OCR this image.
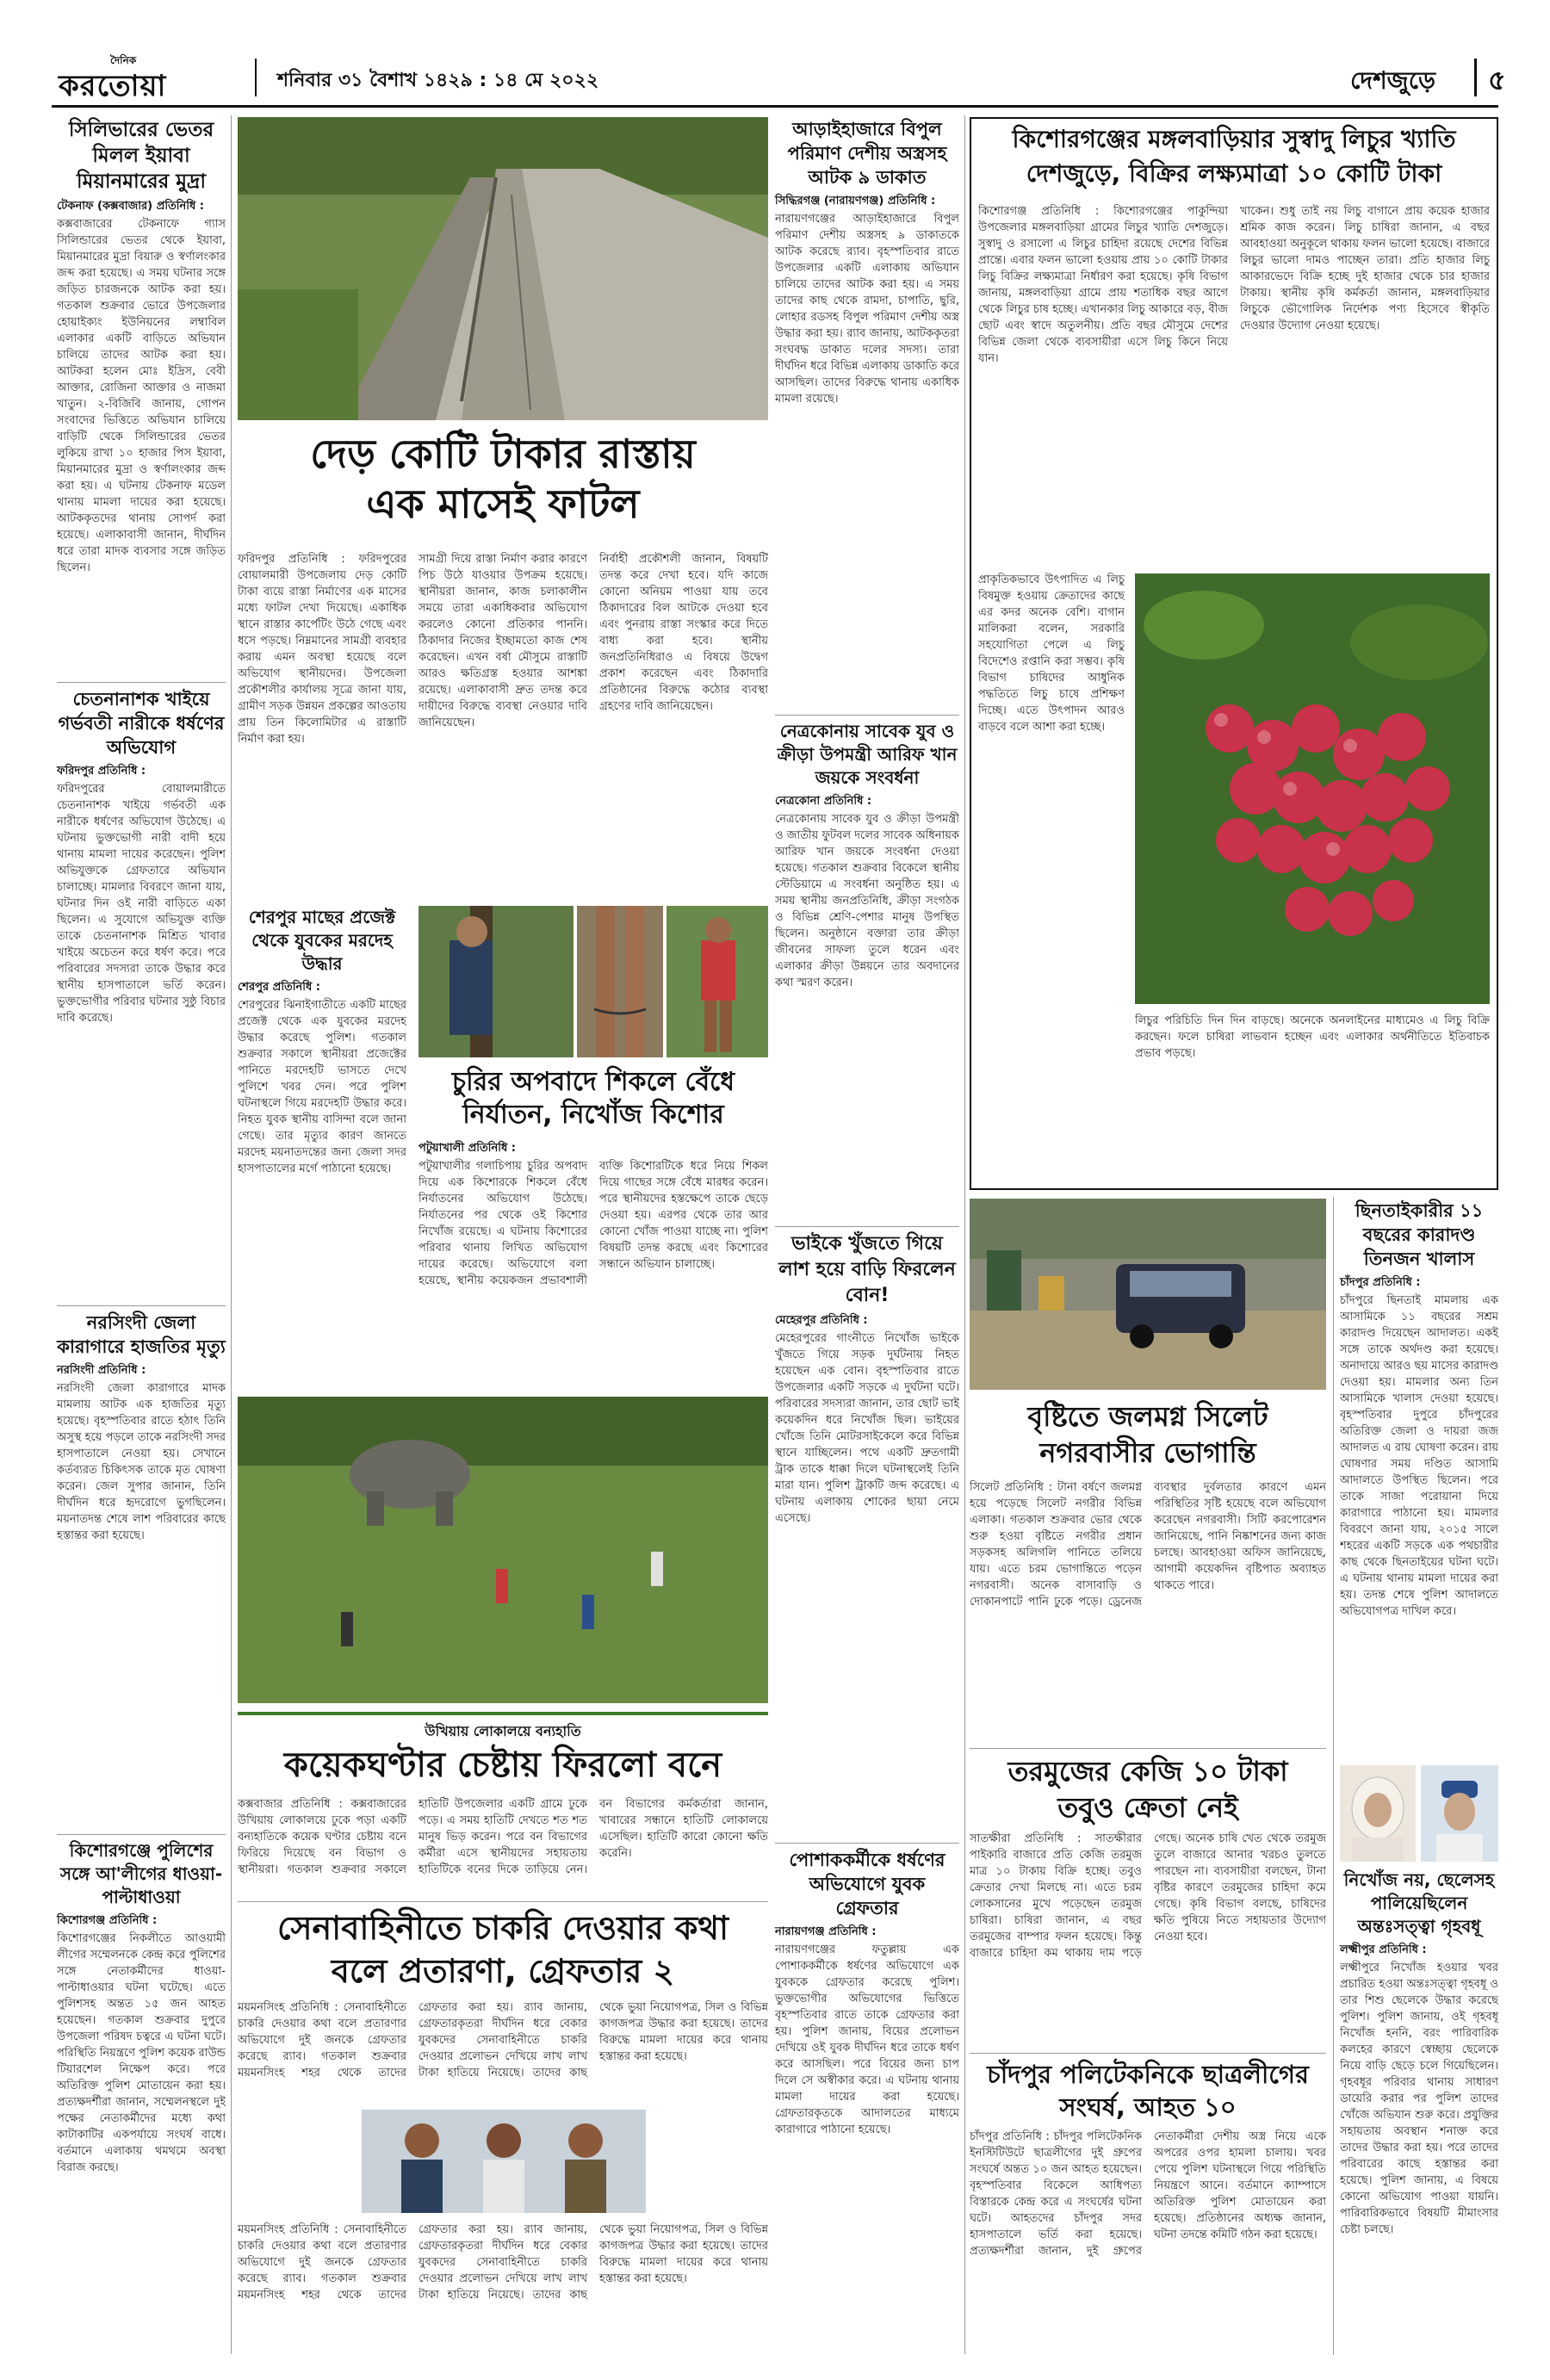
দৈনিক
করতোয়া	শনিবার ৩১ বৈশাখ ১৪২৯ : ১৪ মে ২০২২	দেশজুড়ে ৫
সিলিভারের ভেতর মিলল ইয়াবা মিয়ানমারের মুদ্রা
টেকনাফ (কক্সবাজার) প্রতিনিধি :
কক্সবাজারের টেকনাফে গ্যাস সিলিন্ডারের ভেতর থেকে ইয়াবা, মিয়ানমারের মুদ্রা বিয়ারু ও স্বর্ণালংকার জব্দ করা হয়েছে। এ সময় ঘটনার সঙ্গে জড়িত চারজনকে আটক করা হয়। গতকাল শুক্রবার ভোরে উপজেলার হোয়াইক্যং ইউনিয়নের লম্বাবিল এলাকার একটি বাড়িতে অভিযান চালিয়ে তাদের আটক করা হয়। আটকরা হলেন মোঃ ইদ্রিস, বেবী আক্তার, রোজিনা আক্তার ও নাজমা খাতুন। ২-বিজিবি জানায়, গোপন সংবাদের ভিত্তিতে অভিযান চালিয়ে বাড়িটি থেকে সিলিন্ডারের ভেতর লুকিয়ে রাখা ১০ হাজার পিস ইয়াবা, মিয়ানমারের মুদ্রা ও স্বর্ণালংকার জব্দ করা হয়। এ ঘটনায় টেকনাফ মডেল থানায় মামলা দায়ের করা হয়েছে। আটককৃতদের থানায় সোপর্দ করা হয়েছে। এলাকাবাসী জানান, দীর্ঘদিন ধরে তারা মাদক ব্যবসার সঙ্গে জড়িত ছিলেন।
চেতনানাশক খাইয়ে গর্ভবতী নারীকে ধর্ষণের অভিযোগ
ফরিদপুর প্রতিনিধি :
ফরিদপুরের বোয়ালমারীতে চেতনানাশক খাইয়ে গর্ভবতী এক নারীকে ধর্ষণের অভিযোগ উঠেছে। এ ঘটনায় ভুক্তভোগী নারী বাদী হয়ে থানায় মামলা দায়ের করেছেন। পুলিশ অভিযুক্তকে গ্রেফতারে অভিযান চালাচ্ছে। মামলার বিবরণে জানা যায়, ঘটনার দিন ওই নারী বাড়িতে একা ছিলেন। এ সুযোগে অভিযুক্ত ব্যক্তি তাকে চেতনানাশক মিশ্রিত খাবার খাইয়ে অচেতন করে ধর্ষণ করে। পরে পরিবারের সদস্যরা তাকে উদ্ধার করে স্থানীয় হাসপাতালে ভর্তি করেন। ভুক্তভোগীর পরিবার ঘটনার সুষ্ঠু বিচার দাবি করেছে।
নরসিংদী জেলা কারাগারে হাজতির মৃত্যু
নরসিংদী প্রতিনিধি :
নরসিংদী জেলা কারাগারে মাদক মামলায় আটক এক হাজতির মৃত্যু হয়েছে। বৃহস্পতিবার রাতে হঠাৎ তিনি অসুস্থ হয়ে পড়লে তাকে নরসিংদী সদর হাসপাতালে নেওয়া হয়। সেখানে কর্তব্যরত চিকিৎসক তাকে মৃত ঘোষণা করেন। জেল সুপার জানান, তিনি দীর্ঘদিন ধরে হৃদরোগে ভুগছিলেন। ময়নাতদন্ত শেষে লাশ পরিবারের কাছে হস্তান্তর করা হয়েছে।
কিশোরগঞ্জে পুলিশের সঙ্গে আ'লীগের ধাওয়া-পাল্টাধাওয়া
কিশোরগঞ্জ প্রতিনিধি :
কিশোরগঞ্জের নিকলীতে আওয়ামী লীগের সম্মেলনকে কেন্দ্র করে পুলিশের সঙ্গে নেতাকর্মীদের ধাওয়া-পাল্টাধাওয়ার ঘটনা ঘটেছে। এতে পুলিশসহ অন্তত ১৫ জন আহত হয়েছেন। গতকাল শুক্রবার দুপুরে উপজেলা পরিষদ চত্বরে এ ঘটনা ঘটে। পরিস্থিতি নিয়ন্ত্রণে পুলিশ কয়েক রাউন্ড টিয়ারশেল নিক্ষেপ করে। পরে অতিরিক্ত পুলিশ মোতায়েন করা হয়। প্রত্যক্ষদর্শীরা জানান, সম্মেলনস্থলে দুই পক্ষের নেতাকর্মীদের মধ্যে কথা কাটাকাটির একপর্যায়ে সংঘর্ষ বাধে। বর্তমানে এলাকায় থমথমে অবস্থা বিরাজ করছে।
দেড় কোটি টাকার রাস্তায়
এক মাসেই ফাটল
ফরিদপুর প্রতিনিধি : ফরিদপুরের বোয়ালমারী উপজেলায় দেড় কোটি টাকা ব্যয়ে রাস্তা নির্মাণের এক মাসের মধ্যে ফাটল দেখা দিয়েছে। একাধিক স্থানে রাস্তার কার্পেটিং উঠে গেছে এবং ধসে পড়ছে। নিম্নমানের সামগ্রী ব্যবহার করায় এমন অবস্থা হয়েছে বলে অভিযোগ স্থানীয়দের। উপজেলা প্রকৌশলীর কার্যালয় সূত্রে জানা যায়, গ্রামীণ সড়ক উন্নয়ন প্রকল্পের আওতায় প্রায় তিন কিলোমিটার এ রাস্তাটি নির্মাণ করা হয়।
সামগ্রী দিয়ে রাস্তা নির্মাণ করার কারণে পিচ উঠে যাওয়ার উপক্রম হয়েছে। স্থানীয়রা জানান, কাজ চলাকালীন সময়ে তারা একাধিকবার অভিযোগ করলেও কোনো প্রতিকার পাননি। ঠিকাদার নিজের ইচ্ছামতো কাজ শেষ করেছেন। এখন বর্ষা মৌসুমে রাস্তাটি আরও ক্ষতিগ্রস্ত হওয়ার আশঙ্কা রয়েছে। এলাকাবাসী দ্রুত তদন্ত করে দায়ীদের বিরুদ্ধে ব্যবস্থা নেওয়ার দাবি জানিয়েছেন।
নির্বাহী প্রকৌশলী জানান, বিষয়টি তদন্ত করে দেখা হবে। যদি কাজে কোনো অনিয়ম পাওয়া যায় তবে ঠিকাদারের বিল আটকে দেওয়া হবে এবং পুনরায় রাস্তা সংস্কার করে দিতে বাধ্য করা হবে। স্থানীয় জনপ্রতিনিধিরাও এ বিষয়ে উদ্বেগ প্রকাশ করেছেন এবং ঠিকাদারি প্রতিষ্ঠানের বিরুদ্ধে কঠোর ব্যবস্থা গ্রহণের দাবি জানিয়েছেন।
শেরপুর মাছের প্রজেক্ট থেকে যুবকের মরদেহ উদ্ধার
শেরপুর প্রতিনিধি :
শেরপুরের ঝিনাইগাতীতে একটি মাছের প্রজেক্ট থেকে এক যুবকের মরদেহ উদ্ধার করেছে পুলিশ। গতকাল শুক্রবার সকালে স্থানীয়রা প্রজেক্টের পানিতে মরদেহটি ভাসতে দেখে পুলিশে খবর দেন। পরে পুলিশ ঘটনাস্থলে গিয়ে মরদেহটি উদ্ধার করে। নিহত যুবক স্থানীয় বাসিন্দা বলে জানা গেছে। তার মৃত্যুর কারণ জানতে মরদেহ ময়নাতদন্তের জন্য জেলা সদর হাসপাতালের মর্গে পাঠানো হয়েছে।
চুরির অপবাদে শিকলে বেঁধে
নির্যাতন, নিখোঁজ কিশোর
পটুয়াখালী প্রতিনিধি :
পটুয়াখালীর গলাচিপায় চুরির অপবাদ দিয়ে এক কিশোরকে শিকলে বেঁধে নির্যাতনের অভিযোগ উঠেছে। নির্যাতনের পর থেকে ওই কিশোর নিখোঁজ রয়েছে। এ ঘটনায় কিশোরের পরিবার থানায় লিখিত অভিযোগ দায়ের করেছে। অভিযোগে বলা হয়েছে, স্থানীয় কয়েকজন প্রভাবশালী ব্যক্তি কিশোরটিকে ধরে নিয়ে শিকল দিয়ে গাছের সঙ্গে বেঁধে মারধর করেন। পরে স্থানীয়দের হস্তক্ষেপে তাকে ছেড়ে দেওয়া হয়। এরপর থেকে তার আর কোনো খোঁজ পাওয়া যাচ্ছে না। পুলিশ বিষয়টি তদন্ত করছে এবং কিশোরের সন্ধানে অভিযান চালাচ্ছে।
উখিয়ায় লোকালয়ে বন্যহাতি
কয়েকঘণ্টার চেষ্টায় ফিরলো বনে
কক্সবাজার প্রতিনিধি : কক্সবাজারের উখিয়ায় লোকালয়ে ঢুকে পড়া একটি বন্যহাতিকে কয়েক ঘণ্টার চেষ্টায় বনে ফিরিয়ে দিয়েছে বন বিভাগ ও স্থানীয়রা। গতকাল শুক্রবার সকালে হাতিটি উপজেলার একটি গ্রামে ঢুকে পড়ে। এ সময় হাতিটি দেখতে শত শত মানুষ ভিড় করেন। পরে বন বিভাগের কর্মীরা এসে স্থানীয়দের সহায়তায় হাতিটিকে বনের দিকে তাড়িয়ে নেন। বন বিভাগের কর্মকর্তারা জানান, খাবারের সন্ধানে হাতিটি লোকালয়ে এসেছিল। হাতিটি কারো কোনো ক্ষতি করেনি।
সেনাবাহিনীতে চাকরি দেওয়ার কথা
বলে প্রতারণা, গ্রেফতার ২
ময়মনসিংহ প্রতিনিধি : সেনাবাহিনীতে চাকরি দেওয়ার কথা বলে প্রতারণার অভিযোগে দুই জনকে গ্রেফতার করেছে র‍্যাব। গতকাল শুক্রবার ময়মনসিংহ শহর থেকে তাদের গ্রেফতার করা হয়। র‍্যাব জানায়, গ্রেফতারকৃতরা দীর্ঘদিন ধরে বেকার যুবকদের সেনাবাহিনীতে চাকরি দেওয়ার প্রলোভন দেখিয়ে লাখ লাখ টাকা হাতিয়ে নিয়েছে। তাদের কাছ থেকে ভুয়া নিয়োগপত্র, সিল ও বিভিন্ন কাগজপত্র উদ্ধার করা হয়েছে। তাদের বিরুদ্ধে মামলা দায়ের করে থানায় হস্তান্তর করা হয়েছে।
ময়মনসিংহ প্রতিনিধি : সেনাবাহিনীতে চাকরি দেওয়ার কথা বলে প্রতারণার অভিযোগে দুই জনকে গ্রেফতার করেছে র‍্যাব। গতকাল শুক্রবার ময়মনসিংহ শহর থেকে তাদের গ্রেফতার করা হয়। র‍্যাব জানায়, গ্রেফতারকৃতরা দীর্ঘদিন ধরে বেকার যুবকদের সেনাবাহিনীতে চাকরি দেওয়ার প্রলোভন দেখিয়ে লাখ লাখ টাকা হাতিয়ে নিয়েছে। তাদের কাছ থেকে ভুয়া নিয়োগপত্র, সিল ও বিভিন্ন কাগজপত্র উদ্ধার করা হয়েছে। তাদের বিরুদ্ধে মামলা দায়ের করে থানায় হস্তান্তর করা হয়েছে।
আড়াইহাজারে বিপুল পরিমাণ দেশীয় অস্ত্রসহ আটক ৯ ডাকাত
সিদ্ধিরগঞ্জ (নারায়ণগঞ্জ) প্রতিনিধি :
নারায়ণগঞ্জের আড়াইহাজারে বিপুল পরিমাণ দেশীয় অস্ত্রসহ ৯ ডাকাতকে আটক করেছে র‍্যাব। বৃহস্পতিবার রাতে উপজেলার একটি এলাকায় অভিযান চালিয়ে তাদের আটক করা হয়। এ সময় তাদের কাছ থেকে রামদা, চাপাতি, ছুরি, লোহার রডসহ বিপুল পরিমাণ দেশীয় অস্ত্র উদ্ধার করা হয়। র‍্যাব জানায়, আটককৃতরা সংঘবদ্ধ ডাকাত দলের সদস্য। তারা দীর্ঘদিন ধরে বিভিন্ন এলাকায় ডাকাতি করে আসছিল। তাদের বিরুদ্ধে থানায় একাধিক মামলা রয়েছে।
নেত্রকোনায় সাবেক যুব ও ক্রীড়া উপমন্ত্রী আরিফ খান জয়কে সংবর্ধনা
নেত্রকোনা প্রতিনিধি :
নেত্রকোনায় সাবেক যুব ও ক্রীড়া উপমন্ত্রী ও জাতীয় ফুটবল দলের সাবেক অধিনায়ক আরিফ খান জয়কে সংবর্ধনা দেওয়া হয়েছে। গতকাল শুক্রবার বিকেলে স্থানীয় স্টেডিয়ামে এ সংবর্ধনা অনুষ্ঠিত হয়। এ সময় স্থানীয় জনপ্রতিনিধি, ক্রীড়া সংগঠক ও বিভিন্ন শ্রেণি-পেশার মানুষ উপস্থিত ছিলেন। অনুষ্ঠানে বক্তারা তার ক্রীড়া জীবনের সাফল্য তুলে ধরেন এবং এলাকার ক্রীড়া উন্নয়নে তার অবদানের কথা স্মরণ করেন।
ভাইকে খুঁজতে গিয়ে লাশ হয়ে বাড়ি ফিরলেন বোন!
মেহেরপুর প্রতিনিধি :
মেহেরপুরের গাংনীতে নিখোঁজ ভাইকে খুঁজতে গিয়ে সড়ক দুর্ঘটনায় নিহত হয়েছেন এক বোন। বৃহস্পতিবার রাতে উপজেলার একটি সড়কে এ দুর্ঘটনা ঘটে। পরিবারের সদস্যরা জানান, তার ছোট ভাই কয়েকদিন ধরে নিখোঁজ ছিল। ভাইয়ের খোঁজে তিনি মোটরসাইকেলে করে বিভিন্ন স্থানে যাচ্ছিলেন। পথে একটি দ্রুতগামী ট্রাক তাকে ধাক্কা দিলে ঘটনাস্থলেই তিনি মারা যান। পুলিশ ট্রাকটি জব্দ করেছে। এ ঘটনায় এলাকায় শোকের ছায়া নেমে এসেছে।
পোশাককর্মীকে ধর্ষণের অভিযোগে যুবক গ্রেফতার
নারায়ণগঞ্জ প্রতিনিধি :
নারায়ণগঞ্জের ফতুল্লায় এক পোশাককর্মীকে ধর্ষণের অভিযোগে এক যুবককে গ্রেফতার করেছে পুলিশ। ভুক্তভোগীর অভিযোগের ভিত্তিতে বৃহস্পতিবার রাতে তাকে গ্রেফতার করা হয়। পুলিশ জানায়, বিয়ের প্রলোভন দেখিয়ে ওই যুবক দীর্ঘদিন ধরে তাকে ধর্ষণ করে আসছিল। পরে বিয়ের জন্য চাপ দিলে সে অস্বীকার করে। এ ঘটনায় থানায় মামলা দায়ের করা হয়েছে। গ্রেফতারকৃতকে আদালতের মাধ্যমে কারাগারে পাঠানো হয়েছে।
কিশোরগঞ্জের মঙ্গলবাড়িয়ার সুস্বাদু লিচুর খ্যাতি
দেশজুড়ে, বিক্রির লক্ষ্যমাত্রা ১০ কোটি টাকা
কিশোরগঞ্জ প্রতিনিধি : কিশোরগঞ্জের পাকুন্দিয়া উপজেলার মঙ্গলবাড়িয়া গ্রামের লিচুর খ্যাতি দেশজুড়ে। সুস্বাদু ও রসালো এ লিচুর চাহিদা রয়েছে দেশের বিভিন্ন প্রান্তে। এবার ফলন ভালো হওয়ায় প্রায় ১০ কোটি টাকার লিচু বিক্রির লক্ষ্যমাত্রা নির্ধারণ করা হয়েছে। কৃষি বিভাগ জানায়, মঙ্গলবাড়িয়া গ্রামে প্রায় শতাধিক বছর আগে থেকে লিচুর চাষ হচ্ছে। এখানকার লিচু আকারে বড়, বীজ ছোট এবং স্বাদে অতুলনীয়। প্রতি বছর মৌসুমে দেশের বিভিন্ন জেলা থেকে ব্যবসায়ীরা এসে লিচু কিনে নিয়ে যান।
খাকেন। শুধু তাই নয় লিচু বাগানে প্রায় কয়েক হাজার শ্রমিক কাজ করেন। লিচু চাষিরা জানান, এ বছর আবহাওয়া অনুকূলে থাকায় ফলন ভালো হয়েছে। বাজারে লিচুর ভালো দামও পাচ্ছেন তারা। প্রতি হাজার লিচু আকারভেদে বিক্রি হচ্ছে দুই হাজার থেকে চার হাজার টাকায়। স্থানীয় কৃষি কর্মকর্তা জানান, মঙ্গলবাড়িয়ার লিচুকে ভৌগোলিক নির্দেশক পণ্য হিসেবে স্বীকৃতি দেওয়ার উদ্যোগ নেওয়া হয়েছে।
প্রাকৃতিকভাবে উৎপাদিত এ লিচু বিষমুক্ত হওয়ায় ক্রেতাদের কাছে এর কদর অনেক বেশি। বাগান মালিকরা বলেন, সরকারি সহযোগিতা পেলে এ লিচু বিদেশেও রপ্তানি করা সম্ভব। কৃষি বিভাগ চাষিদের আধুনিক পদ্ধতিতে লিচু চাষে প্রশিক্ষণ দিচ্ছে। এতে উৎপাদন আরও বাড়বে বলে আশা করা হচ্ছে।
লিচুর পরিচিতি দিন দিন বাড়ছে। অনেকে অনলাইনের মাধ্যমেও এ লিচু বিক্রি করছেন। ফলে চাষিরা লাভবান হচ্ছেন এবং এলাকার অর্থনীতিতে ইতিবাচক প্রভাব পড়ছে।
বৃষ্টিতে জলমগ্ন সিলেট
নগরবাসীর ভোগান্তি
সিলেট প্রতিনিধি : টানা বর্ষণে জলমগ্ন হয়ে পড়েছে সিলেট নগরীর বিভিন্ন এলাকা। গতকাল শুক্রবার ভোর থেকে শুরু হওয়া বৃষ্টিতে নগরীর প্রধান সড়কসহ অলিগলি পানিতে তলিয়ে যায়। এতে চরম ভোগান্তিতে পড়েন নগরবাসী। অনেক বাসাবাড়ি ও দোকানপাটে পানি ঢুকে পড়ে। ড্রেনেজ ব্যবস্থার দুর্বলতার কারণে এমন পরিস্থিতির সৃষ্টি হয়েছে বলে অভিযোগ করেছেন নগরবাসী। সিটি করপোরেশন জানিয়েছে, পানি নিষ্কাশনের জন্য কাজ চলছে। আবহাওয়া অফিস জানিয়েছে, আগামী কয়েকদিন বৃষ্টিপাত অব্যাহত থাকতে পারে।
তরমুজের কেজি ১০ টাকা
তবুও ক্রেতা নেই
সাতক্ষীরা প্রতিনিধি : সাতক্ষীরার পাইকারি বাজারে প্রতি কেজি তরমুজ মাত্র ১০ টাকায় বিক্রি হচ্ছে। তবুও ক্রেতার দেখা মিলছে না। এতে চরম লোকসানের মুখে পড়েছেন তরমুজ চাষিরা। চাষিরা জানান, এ বছর তরমুজের বাম্পার ফলন হয়েছে। কিন্তু বাজারে চাহিদা কম থাকায় দাম পড়ে গেছে। অনেক চাষি খেত থেকে তরমুজ তুলে বাজারে আনার খরচও তুলতে পারছেন না। ব্যবসায়ীরা বলছেন, টানা বৃষ্টির কারণে তরমুজের চাহিদা কমে গেছে। কৃষি বিভাগ বলছে, চাষিদের ক্ষতি পুষিয়ে নিতে সহায়তার উদ্যোগ নেওয়া হবে।
চাঁদপুর পলিটেকনিকে ছাত্রলীগের
সংঘর্ষ, আহত ১০
চাঁদপুর প্রতিনিধি : চাঁদপুর পলিটেকনিক ইনস্টিটিউটে ছাত্রলীগের দুই গ্রুপের সংঘর্ষে অন্তত ১০ জন আহত হয়েছেন। বৃহস্পতিবার বিকেলে আধিপত্য বিস্তারকে কেন্দ্র করে এ সংঘর্ষের ঘটনা ঘটে। আহতদের চাঁদপুর সদর হাসপাতালে ভর্তি করা হয়েছে। প্রত্যক্ষদর্শীরা জানান, দুই গ্রুপের নেতাকর্মীরা দেশীয় অস্ত্র নিয়ে একে অপরের ওপর হামলা চালায়। খবর পেয়ে পুলিশ ঘটনাস্থলে গিয়ে পরিস্থিতি নিয়ন্ত্রণে আনে। বর্তমানে ক্যাম্পাসে অতিরিক্ত পুলিশ মোতায়েন করা হয়েছে। প্রতিষ্ঠানের অধ্যক্ষ জানান, ঘটনা তদন্তে কমিটি গঠন করা হয়েছে।
ছিনতাইকারীর ১১ বছরের কারাদণ্ড তিনজন খালাস
চাঁদপুর প্রতিনিধি :
চাঁদপুরে ছিনতাই মামলায় এক আসামিকে ১১ বছরের সশ্রম কারাদণ্ড দিয়েছেন আদালত। একই সঙ্গে তাকে অর্থদণ্ড করা হয়েছে। অনাদায়ে আরও ছয় মাসের কারাদণ্ড দেওয়া হয়। মামলার অন্য তিন আসামিকে খালাস দেওয়া হয়েছে। বৃহস্পতিবার দুপুরে চাঁদপুরের অতিরিক্ত জেলা ও দায়রা জজ আদালত এ রায় ঘোষণা করেন। রায় ঘোষণার সময় দণ্ডিত আসামি আদালতে উপস্থিত ছিলেন। পরে তাকে সাজা পরোয়ানা দিয়ে কারাগারে পাঠানো হয়। মামলার বিবরণে জানা যায়, ২০১৫ সালে শহরের একটি সড়কে এক পথচারীর কাছ থেকে ছিনতাইয়ের ঘটনা ঘটে। এ ঘটনায় থানায় মামলা দায়ের করা হয়। তদন্ত শেষে পুলিশ আদালতে অভিযোগপত্র দাখিল করে।
নিখোঁজ নয়, ছেলেসহ পালিয়েছিলেন অন্তঃসত্ত্বা গৃহবধূ
লক্ষ্মীপুর প্রতিনিধি :
লক্ষ্মীপুরে নিখোঁজ হওয়ার খবর প্রচারিত হওয়া অন্তঃসত্ত্বা গৃহবধূ ও তার শিশু ছেলেকে উদ্ধার করেছে পুলিশ। পুলিশ জানায়, ওই গৃহবধূ নিখোঁজ হননি, বরং পারিবারিক কলহের কারণে স্বেচ্ছায় ছেলেকে নিয়ে বাড়ি ছেড়ে চলে গিয়েছিলেন। গৃহবধূর পরিবার থানায় সাধারণ ডায়েরি করার পর পুলিশ তাদের খোঁজে অভিযান শুরু করে। প্রযুক্তির সহায়তায় অবস্থান শনাক্ত করে তাদের উদ্ধার করা হয়। পরে তাদের পরিবারের কাছে হস্তান্তর করা হয়েছে। পুলিশ জানায়, এ বিষয়ে কোনো অভিযোগ পাওয়া যায়নি। পারিবারিকভাবে বিষয়টি মীমাংসার চেষ্টা চলছে।
